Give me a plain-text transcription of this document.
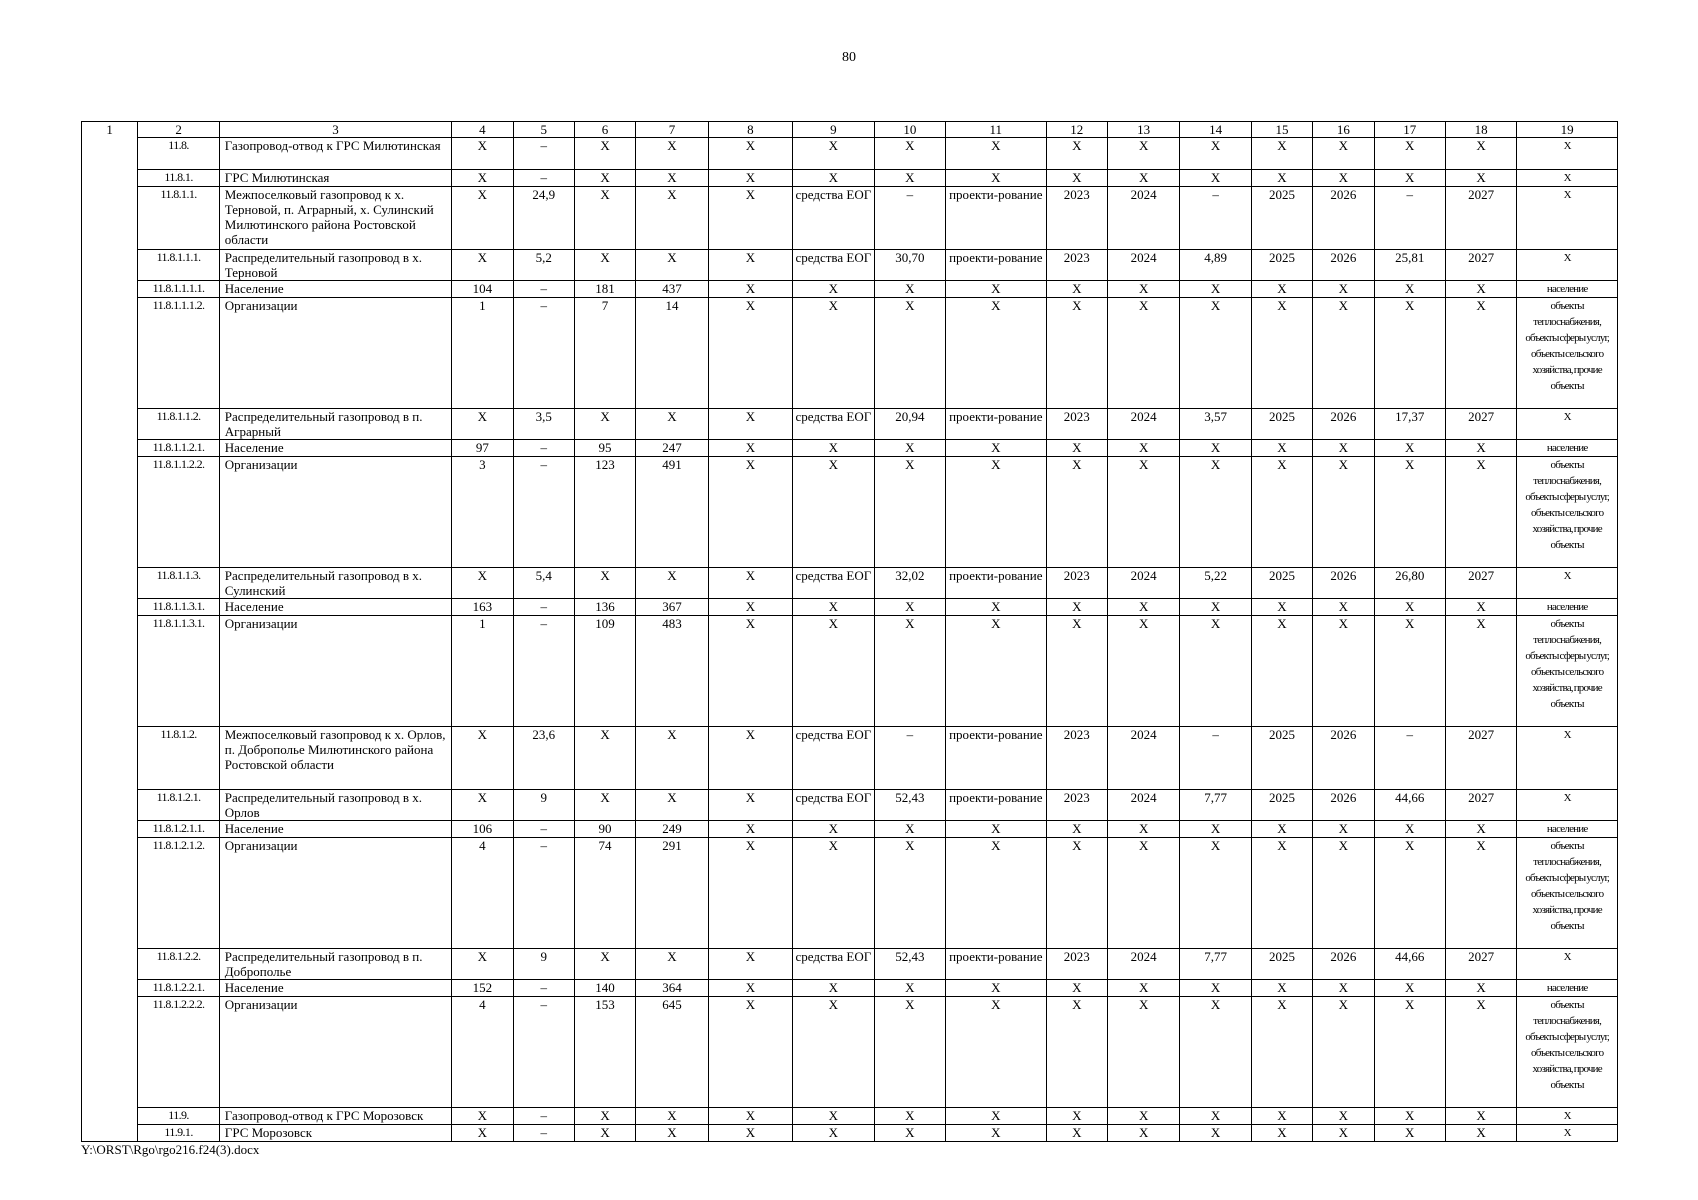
80
1	2	3	4	5	6	7	8	9	10	11	12	13	14	15	16	17	18	19
	11.8.	Газопровод-отвод к ГРС Милютинская	X	–	X	X	X	X	X	X	X	X	X	X	X	X	X	X
	11.8.1.	ГРС Милютинская	X	–	X	X	X	X	X	X	X	X	X	X	X	X	X	X
	11.8.1.1.	Межпоселковый газопровод к х. Терновой, п. Аграрный, х. Сулинский Милютинского района Ростовской области	X	24,9	X	X	X	средства ЕОГ	–	проекти-рование	2023	2024	–	2025	2026	–	2027	X
	11.8.1.1.1.	Распределительный газопровод в х. Терновой	X	5,2	X	X	X	средства ЕОГ	30,70	проекти-рование	2023	2024	4,89	2025	2026	25,81	2027	X
	11.8.1.1.1.1.	Население	104	–	181	437	X	X	X	X	X	X	X	X	X	X	X	население
	11.8.1.1.1.2.	Организации	1	–	7	14	X	X	X	X	X	X	X	X	X	X	X	объекты теплоснабжения, объекты сферы услуг, объекты сельского хозяйства, прочие объекты
	11.8.1.1.2.	Распределительный газопровод в п. Аграрный	X	3,5	X	X	X	средства ЕОГ	20,94	проекти-рование	2023	2024	3,57	2025	2026	17,37	2027	X
	11.8.1.1.2.1.	Население	97	–	95	247	X	X	X	X	X	X	X	X	X	X	X	население
	11.8.1.1.2.2.	Организации	3	–	123	491	X	X	X	X	X	X	X	X	X	X	X	объекты теплоснабжения, объекты сферы услуг, объекты сельского хозяйства, прочие объекты
	11.8.1.1.3.	Распределительный газопровод в х. Сулинский	X	5,4	X	X	X	средства ЕОГ	32,02	проекти-рование	2023	2024	5,22	2025	2026	26,80	2027	X
	11.8.1.1.3.1.	Население	163	–	136	367	X	X	X	X	X	X	X	X	X	X	X	население
	11.8.1.1.3.1.	Организации	1	–	109	483	X	X	X	X	X	X	X	X	X	X	X	объекты теплоснабжения, объекты сферы услуг, объекты сельского хозяйства, прочие объекты
	11.8.1.2.	Межпоселковый газопровод к х. Орлов, п. Доброполье Милютинского района Ростовской области	X	23,6	X	X	X	средства ЕОГ	–	проекти-рование	2023	2024	–	2025	2026	–	2027	X
	11.8.1.2.1.	Распределительный газопровод в х. Орлов	X	9	X	X	X	средства ЕОГ	52,43	проекти-рование	2023	2024	7,77	2025	2026	44,66	2027	X
	11.8.1.2.1.1.	Население	106	–	90	249	X	X	X	X	X	X	X	X	X	X	X	население
	11.8.1.2.1.2.	Организации	4	–	74	291	X	X	X	X	X	X	X	X	X	X	X	объекты теплоснабжения, объекты сферы услуг, объекты сельского хозяйства, прочие объекты
	11.8.1.2.2.	Распределительный газопровод в п. Доброполье	X	9	X	X	X	средства ЕОГ	52,43	проекти-рование	2023	2024	7,77	2025	2026	44,66	2027	X
	11.8.1.2.2.1.	Население	152	–	140	364	X	X	X	X	X	X	X	X	X	X	X	население
	11.8.1.2.2.2.	Организации	4	–	153	645	X	X	X	X	X	X	X	X	X	X	X	объекты теплоснабжения, объекты сферы услуг, объекты сельского хозяйства, прочие объекты
	11.9.	Газопровод-отвод к ГРС Морозовск	X	–	X	X	X	X	X	X	X	X	X	X	X	X	X	X
	11.9.1.	ГРС Морозовск	X	–	X	X	X	X	X	X	X	X	X	X	X	X	X	X
Y:\ORST\Rgo\rgo216.f24(3).docx
